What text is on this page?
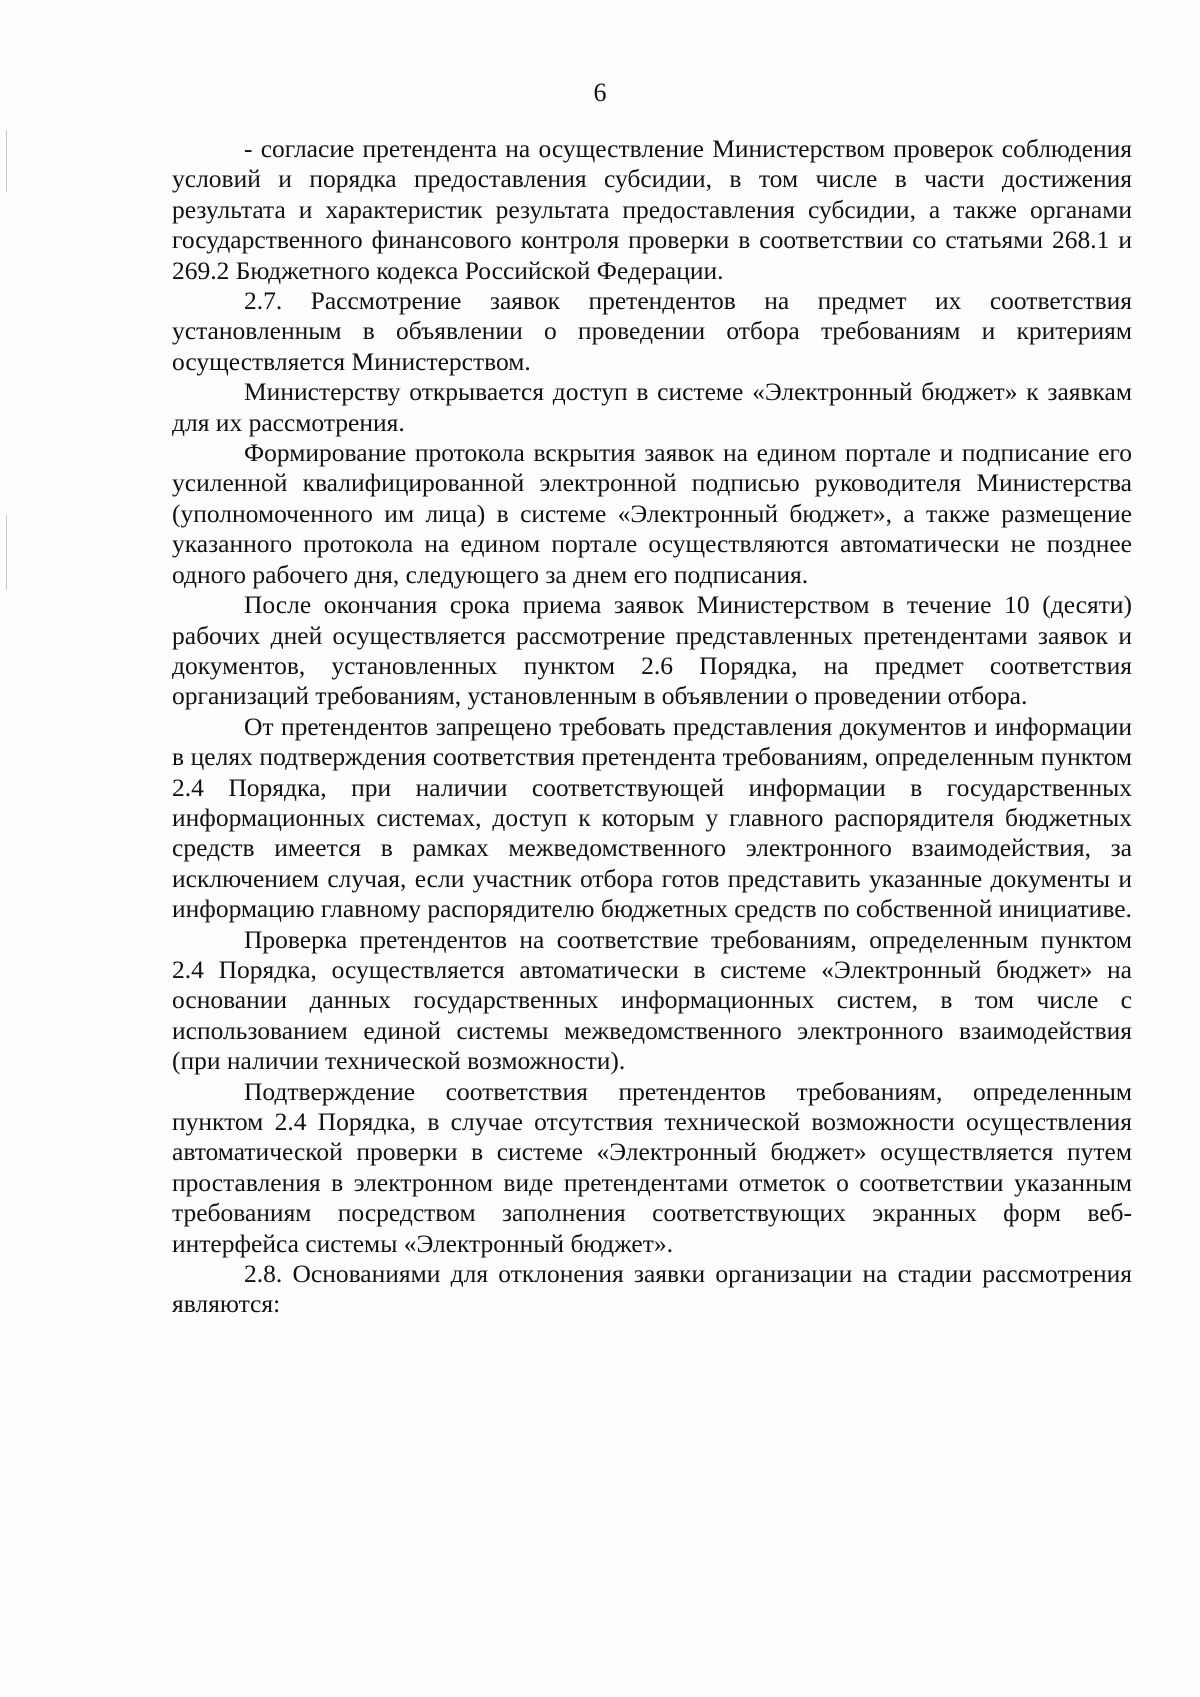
6

- согласие претендента на осуществление Министерством проверок соблюдения условий и порядка предоставления субсидии, в том числе в части достижения результата и характеристик результата предоставления субсидии, а также органами государственного финансового контроля проверки в соответствии со статьями 268.1 и 269.2 Бюджетного кодекса Российской Федерации.

2.7. Рассмотрение заявок претендентов на предмет их соответствия установленным в объявлении о проведении отбора требованиям и критериям осуществляется Министерством.

Министерству открывается доступ в системе «Электронный бюджет» к заявкам для их рассмотрения.

Формирование протокола вскрытия заявок на едином портале и подписание его усиленной квалифицированной электронной подписью руководителя Министерства (уполномоченного им лица) в системе «Электронный бюджет», а также размещение указанного протокола на едином портале осуществляются автоматически не позднее одного рабочего дня, следующего за днем его подписания.

После окончания срока приема заявок Министерством в течение 10 (десяти) рабочих дней осуществляется рассмотрение представленных претендентами заявок и документов, установленных пунктом 2.6 Порядка, на предмет соответствия организаций требованиям, установленным в объявлении о проведении отбора.

От претендентов запрещено требовать представления документов и информации в целях подтверждения соответствия претендента требованиям, определенным пунктом 2.4 Порядка, при наличии соответствующей информации в государственных информационных системах, доступ к которым у главного распорядителя бюджетных средств имеется в рамках межведомственного электронного взаимодействия, за исключением случая, если участник отбора готов представить указанные документы и информацию главному распорядителю бюджетных средств по собственной инициативе.

Проверка претендентов на соответствие требованиям, определенным пунктом 2.4 Порядка, осуществляется автоматически в системе «Электронный бюджет» на основании данных государственных информационных систем, в том числе с использованием единой системы межведомственного электронного взаимодействия (при наличии технической возможности).

Подтверждение соответствия претендентов требованиям, определенным пунктом 2.4 Порядка, в случае отсутствия технической возможности осуществления автоматической проверки в системе «Электронный бюджет» осуществляется путем проставления в электронном виде претендентами отметок о соответствии указанным требованиям посредством заполнения соответствующих экранных форм веб-интерфейса системы «Электронный бюджет».

2.8. Основаниями для отклонения заявки организации на стадии рассмотрения являются:
